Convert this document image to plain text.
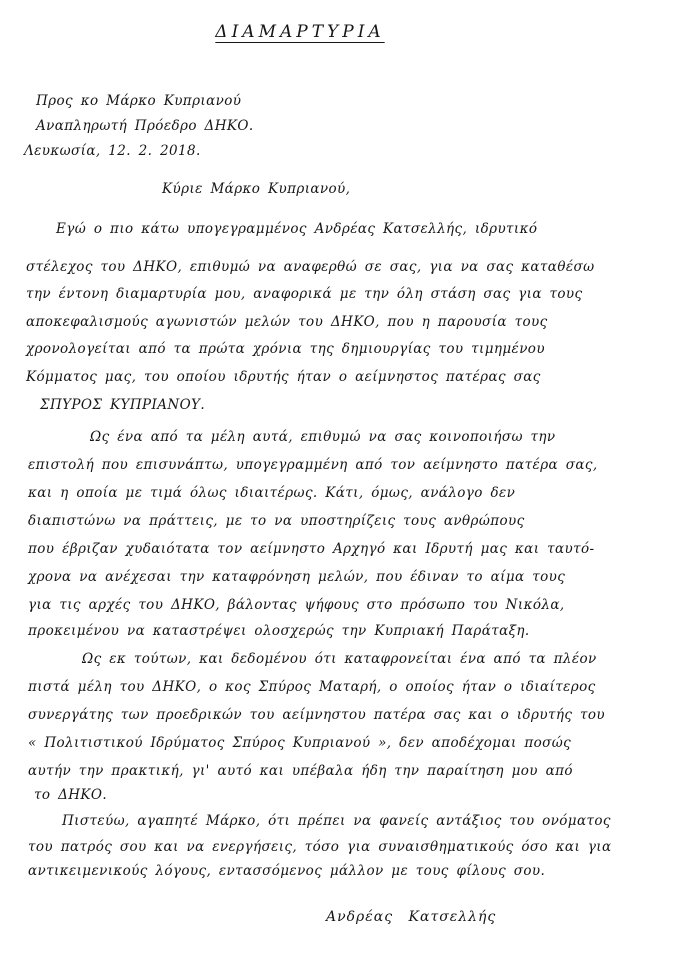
ΔΙΑΜΑΡΤΥΡΙΑ
Προς κο Μάρκο Κυπριανού
Αναπληρωτή Πρόεδρο ΔΗΚΟ.
Λευκωσία, 12. 2. 2018.
Κύριε Μάρκο Κυπριανού,
Εγώ ο πιο κάτω υπογεγραμμένος Ανδρέας Κατσελλής, ιδρυτικό
στέλεχος του ΔΗΚΟ, επιθυμώ να αναφερθώ σε σας, για να σας καταθέσω
την έντονη διαμαρτυρία μου, αναφορικά με την όλη στάση σας για τους
αποκεφαλισμούς αγωνιστών μελών του ΔΗΚΟ, που η παρουσία τους
χρονολογείται από τα πρώτα χρόνια της δημιουργίας του τιμημένου
Κόμματος μας, του οποίου ιδρυτής ήταν ο αείμνηστος πατέρας σας
ΣΠΥΡΟΣ ΚΥΠΡΙΑΝΟΥ.
Ως ένα από τα μέλη αυτά, επιθυμώ να σας κοινοποιήσω την
επιστολή που επισυνάπτω, υπογεγραμμένη από τον αείμνηστο πατέρα σας,
και η οποία με τιμά όλως ιδιαιτέρως. Κάτι, όμως, ανάλογο δεν
διαπιστώνω να πράττεις, με το να υποστηρίζεις τους ανθρώπους
που έβριζαν χυδαιότατα τον αείμνηστο Αρχηγό και Ιδρυτή μας και ταυτό-
χρονα να ανέχεσαι την καταφρόνηση μελών, που έδιναν το αίμα τους
για τις αρχές του ΔΗΚΟ, βάλοντας ψήφους στο πρόσωπο του Νικόλα,
προκειμένου να καταστρέψει ολοσχερώς την Κυπριακή Παράταξη.
Ως εκ τούτων, και δεδομένου ότι καταφρονείται ένα από τα πλέον
πιστά μέλη του ΔΗΚΟ, ο κος Σπύρος Ματαρή, ο οποίος ήταν ο ιδιαίτερος
συνεργάτης των προεδρικών του αείμνηστου πατέρα σας και ο ιδρυτής του
« Πολιτιστικού Ιδρύματος Σπύρος Κυπριανού », δεν αποδέχομαι ποσώς
αυτήν την πρακτική, γι' αυτό και υπέβαλα ήδη την παραίτηση μου από
το ΔΗΚΟ.
Πιστεύω, αγαπητέ Μάρκο, ότι πρέπει να φανείς αντάξιος του ονόματος
του πατρός σου και να ενεργήσεις, τόσο για συναισθηματικούς όσο και για
αντικειμενικούς λόγους, εντασσόμενος μάλλον με τους φίλους σου.
Ανδρέας Κατσελλής
